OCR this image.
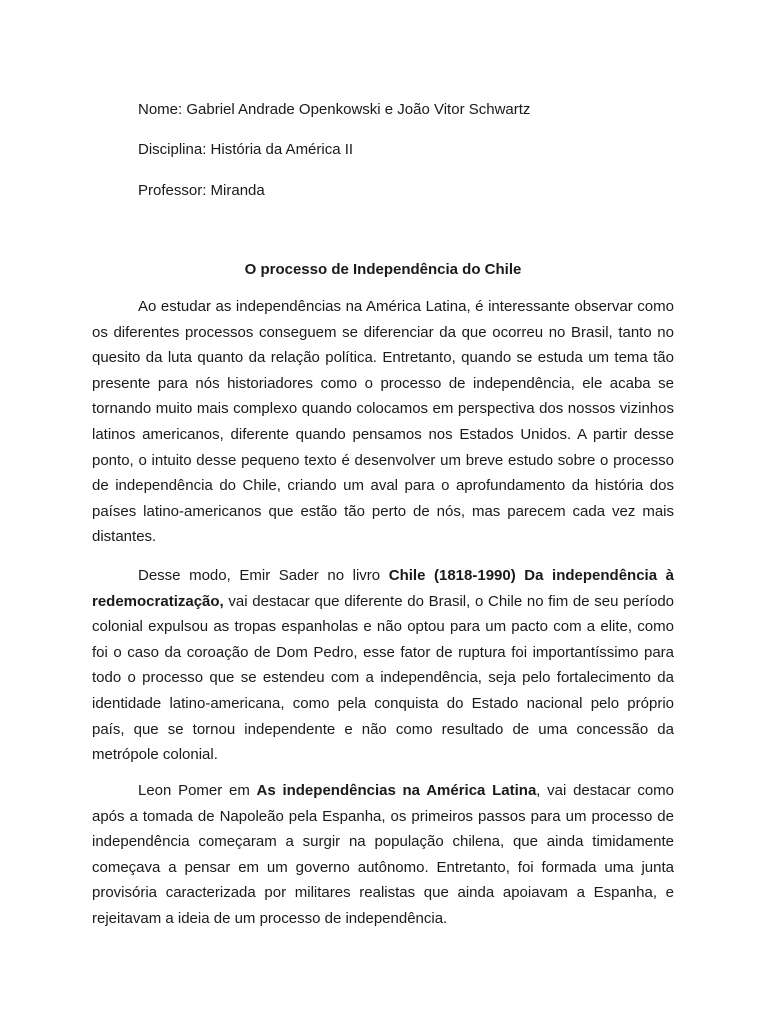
Nome: Gabriel Andrade Openkowski e João Vitor Schwartz
Disciplina: História da América II
Professor: Miranda
O processo de Independência do Chile

Ao estudar as independências na América Latina, é interessante observar como os diferentes processos conseguem se diferenciar da que ocorreu no Brasil, tanto no quesito da luta quanto da relação política. Entretanto, quando se estuda um tema tão presente para nós historiadores como o processo de independência, ele acaba se tornando muito mais complexo quando colocamos em perspectiva dos nossos vizinhos latinos americanos, diferente quando pensamos nos Estados Unidos. A partir desse ponto, o intuito desse pequeno texto é desenvolver um breve estudo sobre o processo de independência do Chile, criando um aval para o aprofundamento da história dos países latino-americanos que estão tão perto de nós, mas parecem cada vez mais distantes.

Desse modo, Emir Sader no livro Chile (1818-1990) Da independência à redemocratização, vai destacar que diferente do Brasil, o Chile no fim de seu período colonial expulsou as tropas espanholas e não optou para um pacto com a elite, como foi o caso da coroação de Dom Pedro, esse fator de ruptura foi importantíssimo para todo o processo que se estendeu com a independência, seja pelo fortalecimento da identidade latino-americana, como pela conquista do Estado nacional pelo próprio país, que se tornou independente e não como resultado de uma concessão da metrópole colonial.

Leon Pomer em As independências na América Latina, vai destacar como após a tomada de Napoleão pela Espanha, os primeiros passos para um processo de independência começaram a surgir na população chilena, que ainda timidamente começava a pensar em um governo autônomo. Entretanto, foi formada uma junta provisória caracterizada por militares realistas que ainda apoiavam a Espanha, e rejeitavam a ideia de um processo de independência.
